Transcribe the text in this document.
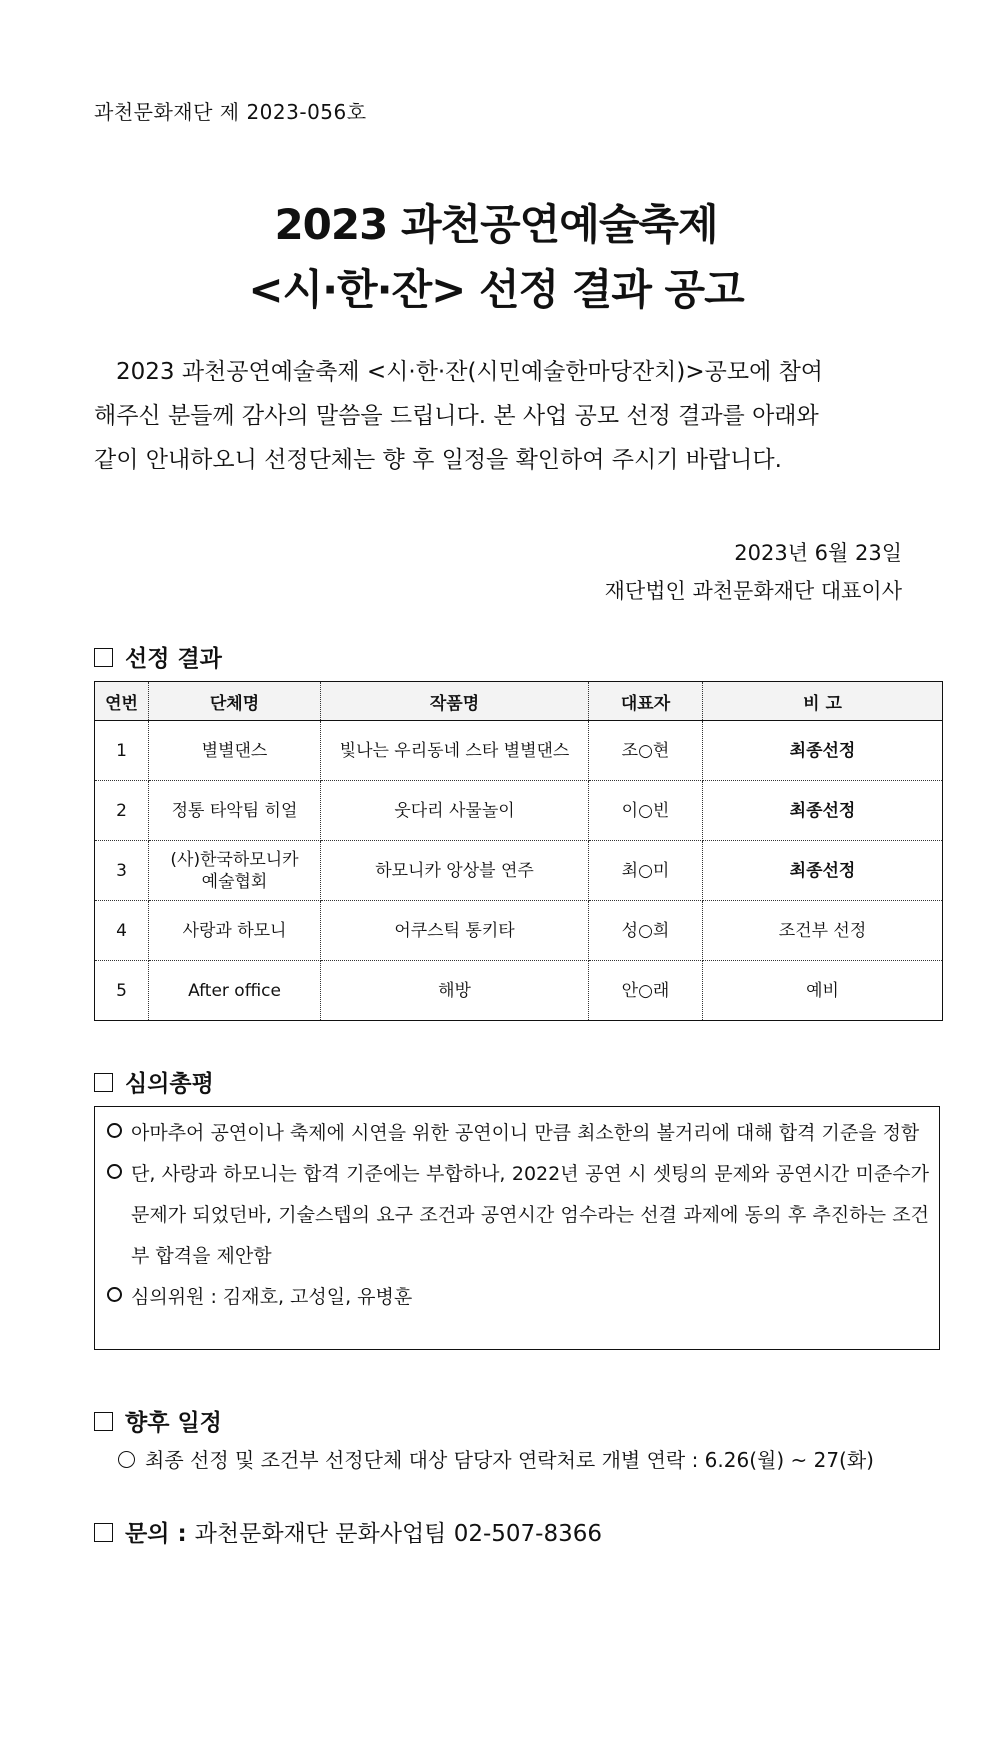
과천문화재단 제 2023-056호
2023 과천공연예술축제
<시·한·잔> 선정 결과 공고
2023 과천공연예술축제 <시·한·잔(시민예술한마당잔치)>공모에 참여
해주신 분들께 감사의 말씀을 드립니다. 본 사업 공모 선정 결과를 아래와
같이 안내하오니 선정단체는 향 후 일정을 확인하여 주시기 바랍니다.
2023년 6월 23일
재단법인 과천문화재단 대표이사
선정 결과
연번	단체명	작품명	대표자	비 고
1	별별댄스	빛나는 우리동네 스타 별별댄스	조○현	최종선정
2	정통 타악팀 히얼	웃다리 사물놀이	이○빈	최종선정
3	(사)한국하모니카
예술협회	하모니카 앙상블 연주	최○미	최종선정
4	사랑과 하모니	어쿠스틱 통키타	성○희	조건부 선정
5	After office	해방	안○래	예비
심의총평
아마추어 공연이나 축제에 시연을 위한 공연이니 만큼 최소한의 볼거리에 대해 합격 기준을 정함
단, 사랑과 하모니는 합격 기준에는 부합하나, 2022년 공연 시 셋팅의 문제와 공연시간 미준수가 문제가 되었던바, 기술스텝의 요구 조건과 공연시간 엄수라는 선결 과제에 동의 후 추진하는 조건부 합격을 제안함
심의위원 : 김재호, 고성일, 유병훈
향후 일정
최종 선정 및 조건부 선정단체 대상 담당자 연락처로 개별 연락 : 6.26(월) ~ 27(화)
문의 : 과천문화재단 문화사업팀 02-507-8366
